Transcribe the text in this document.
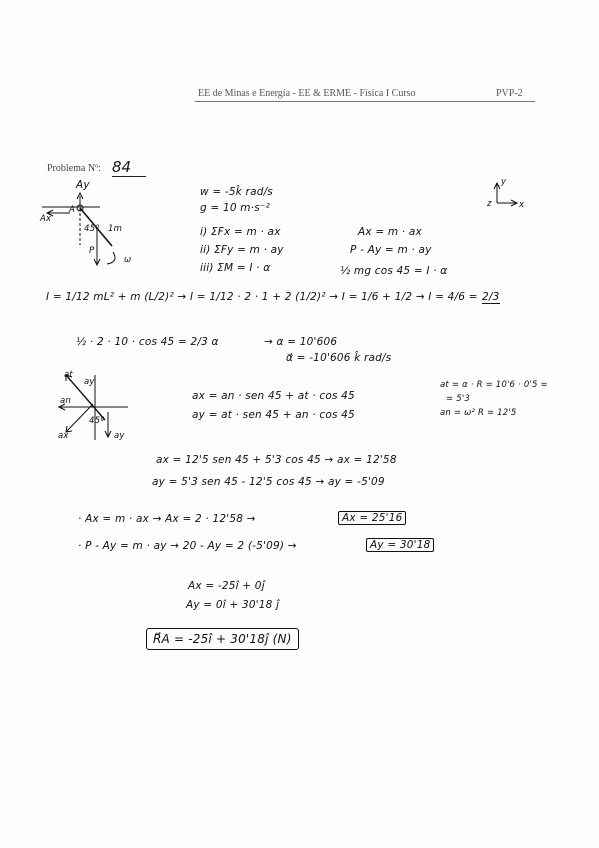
EE de Minas e Energía - EE & ERME - Física I Curso	PVP-2
Problema Nº: 84
Ay
Ax
A
45º 1m
P
ω
y
x
z
w = -5k̂ rad/s
g = 10 m·s⁻²
i) ΣFx = m · ax
ii) ΣFy = m · ay
iii) ΣM = I · α
Ax = m · ax
P - Ay = m · ay
½ mg cos 45 = I · α
I = 1/12 mL² + m (L/2)² → I = 1/12 · 2 · 1 + 2 (1/2)² → I = 1/6 + 1/2 → I = 4/6 = 2/3
½ · 2 · 10 · cos 45 = 2/3 α	→ α = 10'606
α⃗ = -10'606 k̂ rad/s
at
ay
an
45º
ax	ay
ax = an · sen 45 + at · cos 45
ay = at · sen 45 + an · cos 45
at = α · R = 10'6 · 0'5 =
= 5'3
an = ω² R = 12'5
ax = 12'5 sen 45 + 5'3 cos 45 → ax = 12'58
ay = 5'3 sen 45 - 12'5 cos 45 → ay = -5'09
· Ax = m · ax → Ax = 2 · 12'58 →	Ax = 25'16
· P - Ay = m · ay → 20 - Ay = 2 (-5'09) →	Ay = 30'18
Ax = -25î + 0ĵ
Ay = 0î + 30'18 ĵ
R⃗A = -25î + 30'18ĵ (N)
